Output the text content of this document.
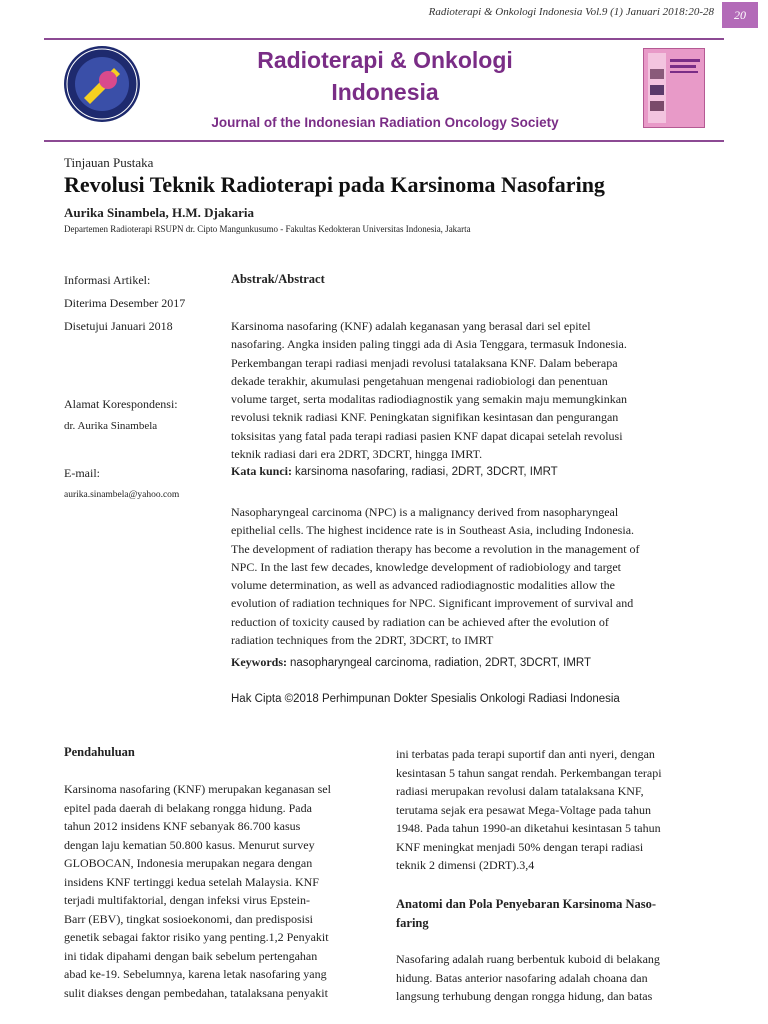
Radioterapi & Onkologi Indonesia Vol.9 (1) Januari 2018:20-28	20
Radioterapi & Onkologi
Indonesia
Journal of the Indonesian Radiation Oncology Society
Tinjauan Pustaka
Revolusi Teknik Radioterapi pada Karsinoma Nasofaring
Aurika Sinambela, H.M. Djakaria
Departemen Radioterapi RSUPN dr. Cipto Mangunkusumo - Fakultas Kedokteran Universitas Indonesia, Jakarta
Informasi Artikel:
Diterima Desember 2017
Disetujui Januari 2018
Alamat Korespondensi:
dr. Aurika Sinambela
E-mail:
aurika.sinambela@yahoo.com
Abstrak/Abstract
Karsinoma nasofaring (KNF) adalah keganasan yang berasal dari sel epitel
nasofaring. Angka insiden paling tinggi ada di Asia Tenggara, termasuk Indonesia.
Perkembangan terapi radiasi menjadi revolusi tatalaksana KNF. Dalam beberapa
dekade terakhir, akumulasi pengetahuan mengenai radiobiologi dan penentuan
volume target, serta modalitas radiodiagnostik yang semakin maju memungkinkan
revolusi teknik radiasi KNF. Peningkatan signifikan kesintasan dan pengurangan
toksisitas yang fatal pada terapi radiasi pasien KNF dapat dicapai setelah revolusi
teknik radiasi dari era 2DRT, 3DCRT, hingga IMRT.
Kata kunci: karsinoma nasofaring, radiasi, 2DRT, 3DCRT, IMRT
Nasopharyngeal carcinoma (NPC) is a malignancy derived from nasopharyngeal
epithelial cells. The highest incidence rate is in Southeast Asia, including Indonesia.
The development of radiation therapy has become a revolution in the management of
NPC. In the last few decades, knowledge development of radiobiology and target
volume determination, as well as advanced radiodiagnostic modalities allow the
evolution of radiation techniques for NPC. Significant improvement of survival and
reduction of toxicity caused by radiation can be achieved after the evolution of
radiation techniques from the 2DRT, 3DCRT, to IMRT
Keywords: nasopharyngeal carcinoma, radiation, 2DRT, 3DCRT, IMRT
Hak Cipta ©2018 Perhimpunan Dokter Spesialis Onkologi Radiasi Indonesia
Pendahuluan
Karsinoma nasofaring (KNF) merupakan keganasan sel
epitel pada daerah di belakang rongga hidung. Pada
tahun 2012 insidens KNF sebanyak 86.700 kasus
dengan laju kematian 50.800 kasus. Menurut survey
GLOBOCAN, Indonesia merupakan negara dengan
insidens KNF tertinggi kedua setelah Malaysia. KNF
terjadi multifaktorial, dengan infeksi virus Epstein-
Barr (EBV), tingkat sosioekonomi, dan predisposisi
genetik sebagai faktor risiko yang penting.1,2 Penyakit
ini tidak dipahami dengan baik sebelum pertengahan
abad ke-19. Sebelumnya, karena letak nasofaring yang
sulit diakses dengan pembedahan, tatalaksana penyakit
ini terbatas pada terapi suportif dan anti nyeri, dengan
kesintasan 5 tahun sangat rendah. Perkembangan terapi
radiasi merupakan revolusi dalam tatalaksana KNF,
terutama sejak era pesawat Mega-Voltage pada tahun
1948. Pada tahun 1990-an diketahui kesintasan 5 tahun
KNF meningkat menjadi 50% dengan terapi radiasi
teknik 2 dimensi (2DRT).3,4
Anatomi dan Pola Penyebaran Karsinoma Naso-
faring
Nasofaring adalah ruang berbentuk kuboid di belakang
hidung. Batas anterior nasofaring adalah choana dan
langsung terhubung dengan rongga hidung, dan batas
